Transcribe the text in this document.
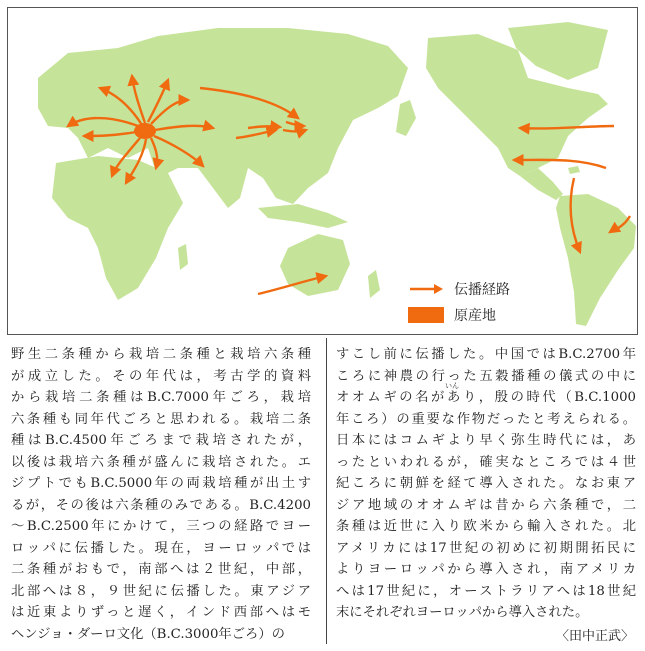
伝播経路
原産地
野生二条種から栽培二条種と栽培六条種
が成立した。その年代は，考古学的資料
から栽培二条種はB.C.7000年ごろ，栽培
六条種も同年代ごろと思われる。栽培二条
種はB.C.4500年ごろまで栽培されたが，
以後は栽培六条種が盛んに栽培された。エ
ジプトでもB.C.5000年の両栽培種が出土す
るが，その後は六条種のみである。B.C.4200
～B.C.2500年にかけて，三つの経路でヨー
ロッパに伝播した。現在，ヨーロッパでは
二条種がおもで，南部へは２世紀，中部，
北部へは８，９世紀に伝播した。東アジア
は近東よりずっと遅く，インド西部へはモ
ヘンジョ・ダーロ文化（B.C.3000年ごろ）の
すこし前に伝播した。中国ではB.C.2700年
ころに神農の行った五穀播種の儀式の中に
オオムギの名があり，殷の時代（B.C.1000
年ころ）の重要な作物だったと考えられる。
日本にはコムギより早く弥生時代には，あ
ったといわれるが，確実なところでは４世
紀ころに朝鮮を経て導入された。なお東ア
ジア地域のオオムギは昔から六条種で，二
条種は近世に入り欧米から輸入された。北
アメリカには17世紀の初めに初期開拓民に
よりヨーロッパから導入され，南アメリカ
へは17世紀に，オーストラリアへは18世紀
末にそれぞれヨーロッパから導入された。
〈田中正武〉
いん
